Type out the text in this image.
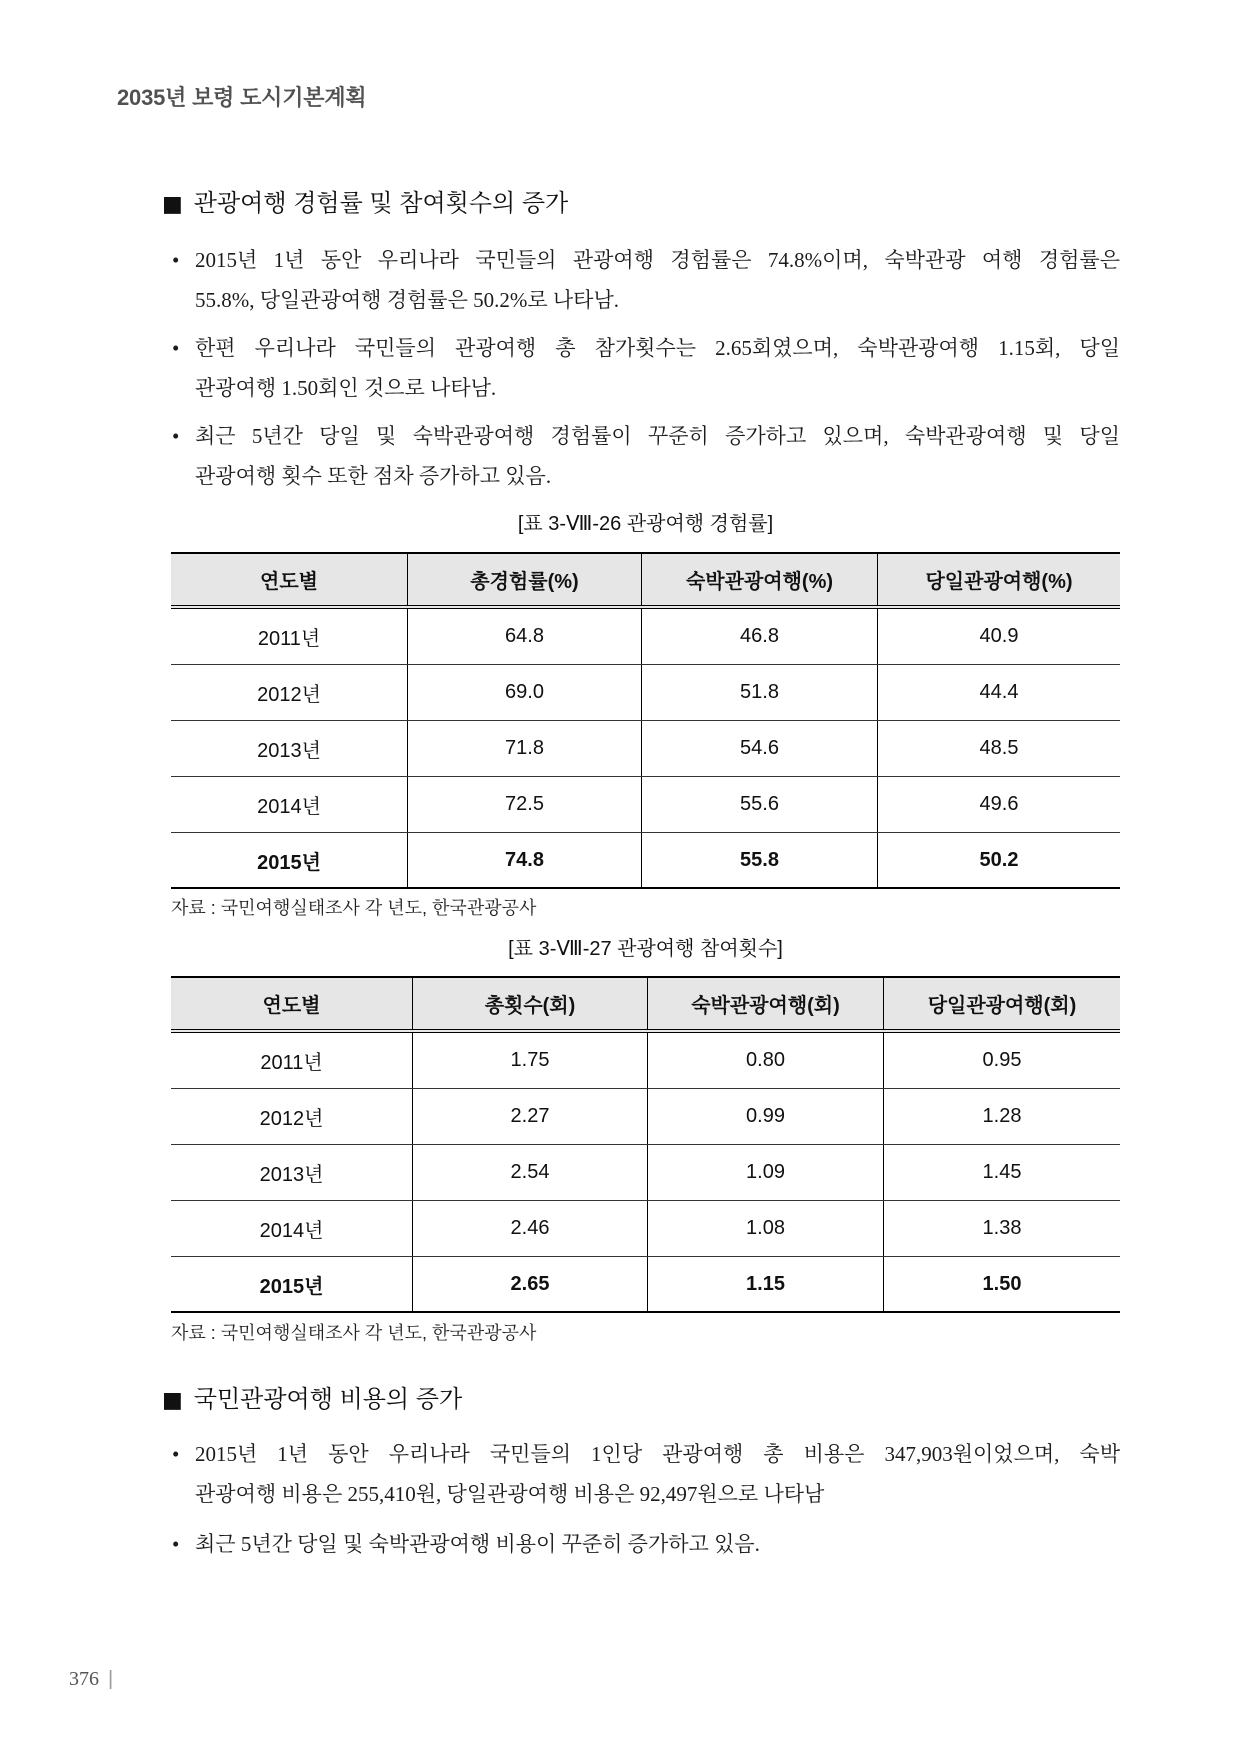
2035년 보령 도시기본계획
■ 관광여행 경험률 및 참여횟수의 증가
• 2015년 1년 동안 우리나라 국민들의 관광여행 경험률은 74.8%이며, 숙박관광 여행 경험률은
55.8%, 당일관광여행 경험률은 50.2%로 나타남.
• 한편 우리나라 국민들의 관광여행 총 참가횟수는 2.65회였으며, 숙박관광여행 1.15회, 당일
관광여행 1.50회인 것으로 나타남.
• 최근 5년간 당일 및 숙박관광여행 경험률이 꾸준히 증가하고 있으며, 숙박관광여행 및 당일
관광여행 횟수 또한 점차 증가하고 있음.
[표 3-Ⅷ-26 관광여행 경험률]
연도별	총경험률(%)	숙박관광여행(%)	당일관광여행(%)
2011년	64.8	46.8	40.9
2012년	69.0	51.8	44.4
2013년	71.8	54.6	48.5
2014년	72.5	55.6	49.6
2015년	74.8	55.8	50.2
자료 : 국민여행실태조사 각 년도, 한국관광공사
[표 3-Ⅷ-27 관광여행 참여횟수]
연도별	총횟수(회)	숙박관광여행(회)	당일관광여행(회)
2011년	1.75	0.80	0.95
2012년	2.27	0.99	1.28
2013년	2.54	1.09	1.45
2014년	2.46	1.08	1.38
2015년	2.65	1.15	1.50
자료 : 국민여행실태조사 각 년도, 한국관광공사
■ 국민관광여행 비용의 증가
• 2015년 1년 동안 우리나라 국민들의 1인당 관광여행 총 비용은 347,903원이었으며, 숙박
관광여행 비용은 255,410원, 당일관광여행 비용은 92,497원으로 나타남
• 최근 5년간 당일 및 숙박관광여행 비용이 꾸준히 증가하고 있음.
376 |
